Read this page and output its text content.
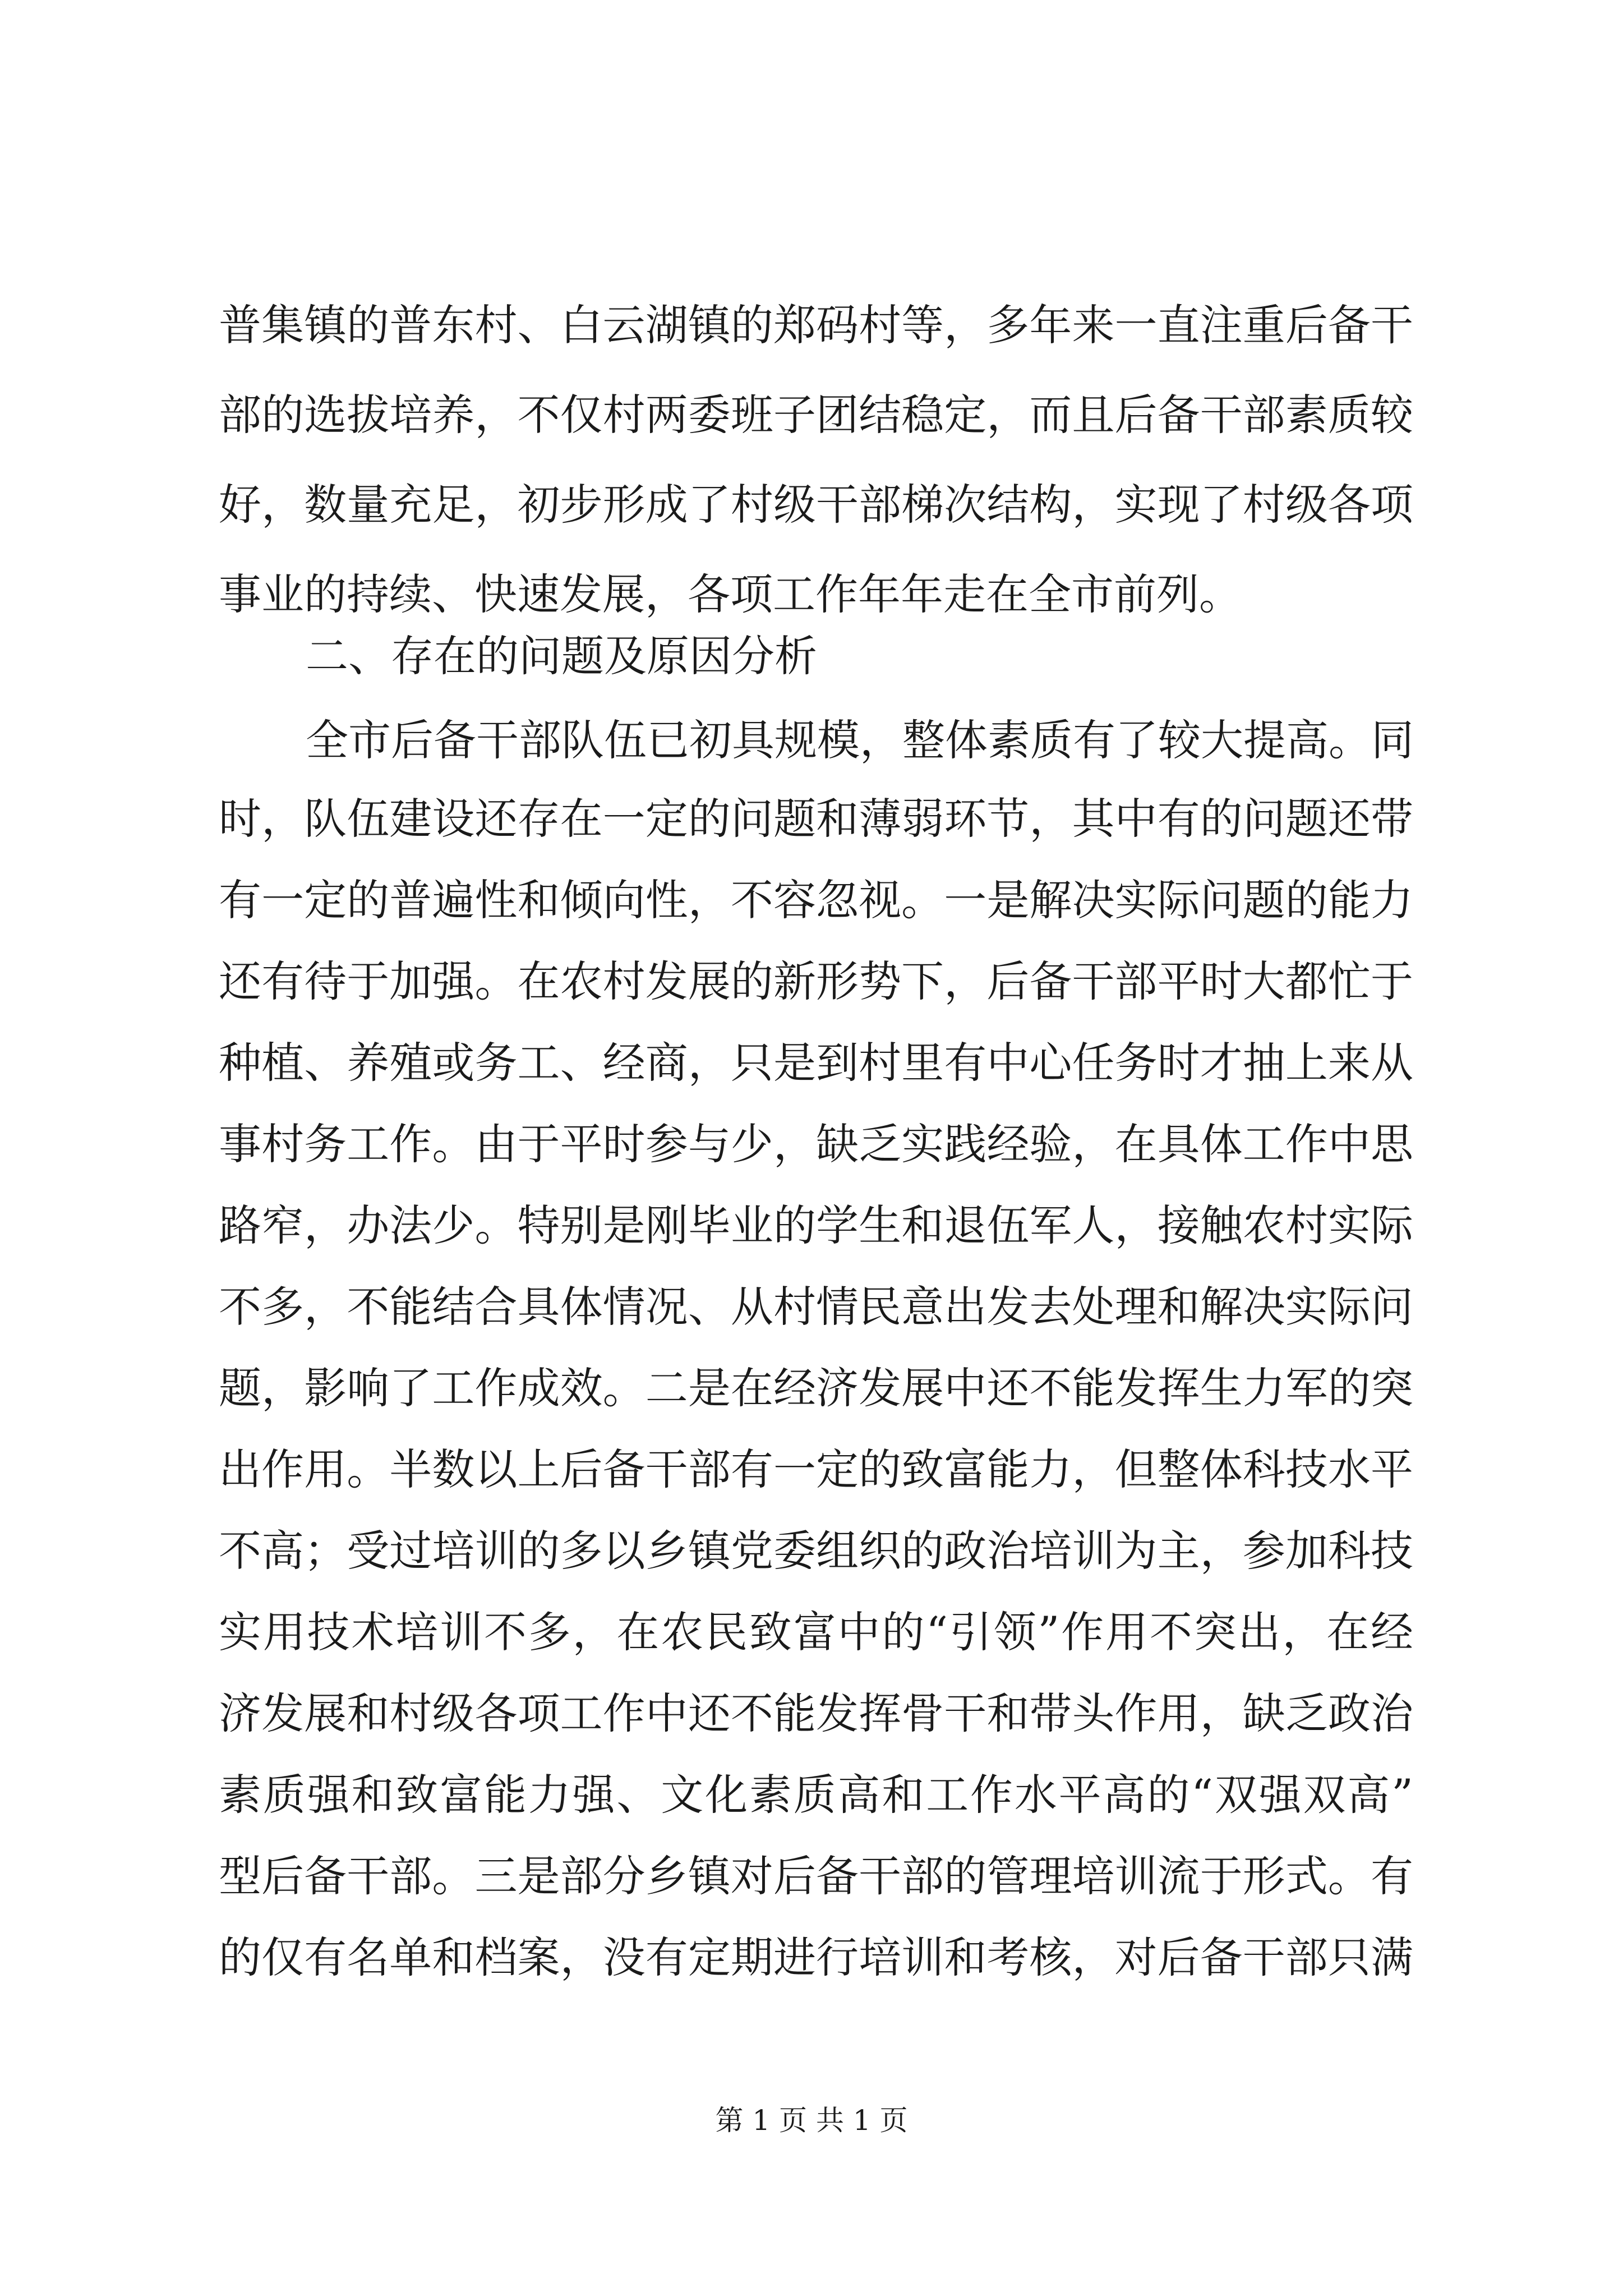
普集镇的普东村、白云湖镇的郑码村等，多年来一直注重后备干
部的选拔培养，不仅村两委班子团结稳定，而且后备干部素质较
好，数量充足，初步形成了村级干部梯次结构，实现了村级各项
事业的持续、快速发展，各项工作年年走在全市前列。
二、存在的问题及原因分析
全市后备干部队伍已初具规模，整体素质有了较大提高。同
时，队伍建设还存在一定的问题和薄弱环节，其中有的问题还带
有一定的普遍性和倾向性，不容忽视。一是解决实际问题的能力
还有待于加强。在农村发展的新形势下，后备干部平时大都忙于
种植、养殖或务工、经商，只是到村里有中心任务时才抽上来从
事村务工作。由于平时参与少，缺乏实践经验，在具体工作中思
路窄，办法少。特别是刚毕业的学生和退伍军人，接触农村实际
不多，不能结合具体情况、从村情民意出发去处理和解决实际问
题，影响了工作成效。二是在经济发展中还不能发挥生力军的突
出作用。半数以上后备干部有一定的致富能力，但整体科技水平
不高；受过培训的多以乡镇党委组织的政治培训为主，参加科技
实用技术培训不多，在农民致富中的“引领”作用不突出，在经
济发展和村级各项工作中还不能发挥骨干和带头作用，缺乏政治
素质强和致富能力强、文化素质高和工作水平高的“双强双高”
型后备干部。三是部分乡镇对后备干部的管理培训流于形式。有
的仅有名单和档案，没有定期进行培训和考核，对后备干部只满
第 1 页 共 1 页
